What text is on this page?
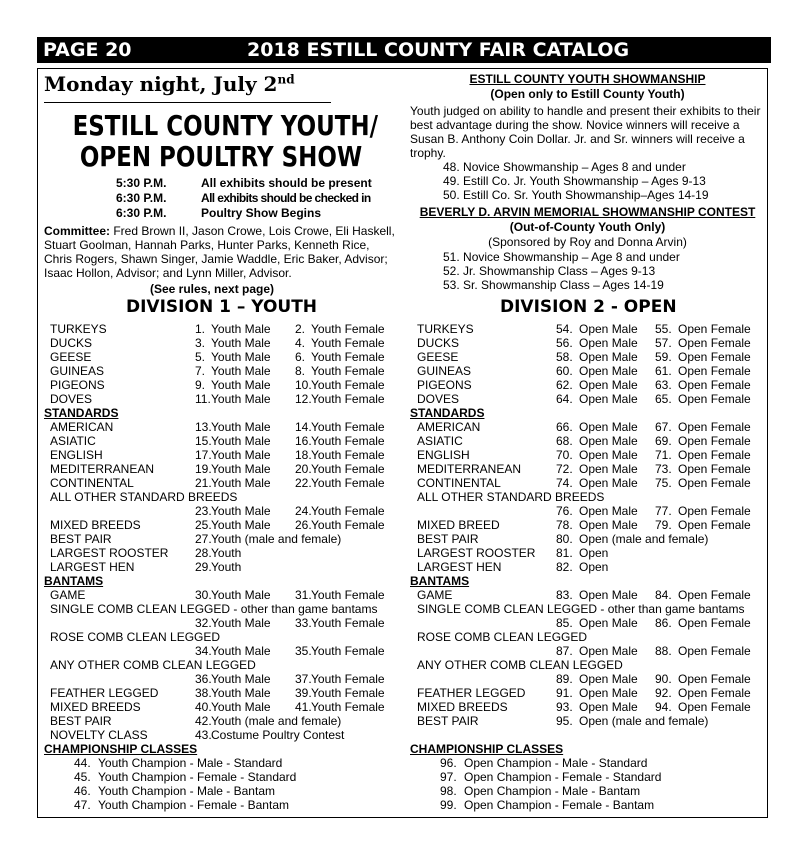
PAGE 20	2018 ESTILL COUNTY FAIR CATALOG
Monday night, July 2nd
ESTILL COUNTY YOUTH/
OPEN POULTRY SHOW
5:30 P.M.	All exhibits should be present
6:30 P.M.	All exhibits should be checked in
6:30 P.M.	Poultry Show Begins
Committee: Fred Brown II, Jason Crowe, Lois Crowe, Eli Haskell, Stuart Goolman, Hannah Parks, Hunter Parks, Kenneth Rice, Chris Rogers, Shawn Singer, Jamie Waddle, Eric Baker, Advisor; Isaac Hollon, Advisor; and Lynn Miller, Advisor.
(See rules, next page)
DIVISION 1 – YOUTH
TURKEYS	1. Youth Male 2. Youth Female
DUCKS	3. Youth Male 4. Youth Female
GEESE	5. Youth Male 6. Youth Female
GUINEAS	7. Youth Male 8. Youth Female
PIGEONS	9. Youth Male 10. Youth Female
DOVES	11. Youth Male 12. Youth Female
STANDARDS
AMERICAN	13. Youth Male 14. Youth Female
ASIATIC	15. Youth Male 16. Youth Female
ENGLISH	17. Youth Male 18. Youth Female
MEDITERRANEAN	19. Youth Male 20. Youth Female
CONTINENTAL	21. Youth Male 22. Youth Female
ALL OTHER STANDARD BREEDS
23. Youth Male 24. Youth Female
MIXED BREEDS	25. Youth Male 26. Youth Female
BEST PAIR	27. Youth (male and female)
LARGEST ROOSTER 28. Youth
LARGEST HEN	29. Youth
BANTAMS
GAME	30. Youth Male 31. Youth Female
SINGLE COMB CLEAN LEGGED - other than game bantams
32. Youth Male 33. Youth Female
ROSE COMB CLEAN LEGGED
34. Youth Male 35. Youth Female
ANY OTHER COMB CLEAN LEGGED
36. Youth Male 37. Youth Female
FEATHER LEGGED	38. Youth Male 39. Youth Female
MIXED BREEDS	40. Youth Male 41. Youth Female
BEST PAIR	42. Youth (male and female)
NOVELTY CLASS	43. Costume Poultry Contest
CHAMPIONSHIP CLASSES
44. Youth Champion - Male - Standard
45. Youth Champion - Female - Standard
46. Youth Champion - Male - Bantam
47. Youth Champion - Female - Bantam
ESTILL COUNTY YOUTH SHOWMANSHIP
(Open only to Estill County Youth)
Youth judged on ability to handle and present their exhibits to their best advantage during the show. Novice winners will receive a Susan B. Anthony Coin Dollar. Jr. and Sr. winners will receive a trophy.
48. Novice Showmanship – Ages 8 and under
49. Estill Co. Jr. Youth Showmanship – Ages 9-13
50. Estill Co. Sr. Youth Showmanship–Ages 14-19
BEVERLY D. ARVIN MEMORIAL SHOWMANSHIP CONTEST
(Out-of-County Youth Only)
(Sponsored by Roy and Donna Arvin)
51. Novice Showmanship – Age 8 and under
52. Jr. Showmanship Class – Ages 9-13
53. Sr. Showmanship Class – Ages 14-19
DIVISION 2 - OPEN
TURKEYS	54. Open Male 55. Open Female
DUCKS	56. Open Male 57. Open Female
GEESE	58. Open Male 59. Open Female
GUINEAS	60. Open Male 61. Open Female
PIGEONS	62. Open Male 63. Open Female
DOVES	64. Open Male 65. Open Female
STANDARDS
AMERICAN	66. Open Male 67. Open Female
ASIATIC	68. Open Male 69. Open Female
ENGLISH	70. Open Male 71. Open Female
MEDITERRANEAN	72. Open Male 73. Open Female
CONTINENTAL	74. Open Male 75. Open Female
ALL OTHER STANDARD BREEDS
76. Open Male 77. Open Female
MIXED BREED	78. Open Male 79. Open Female
BEST PAIR	80. Open (male and female)
LARGEST ROOSTER 81. Open
LARGEST HEN	82. Open
BANTAMS
GAME	83. Open Male 84. Open Female
SINGLE COMB CLEAN LEGGED - other than game bantams
85. Open Male 86. Open Female
ROSE COMB CLEAN LEGGED
87. Open Male 88. Open Female
ANY OTHER COMB CLEAN LEGGED
89. Open Male 90. Open Female
FEATHER LEGGED	91. Open Male 92. Open Female
MIXED BREEDS	93. Open Male 94. Open Female
BEST PAIR	95. Open (male and female)
CHAMPIONSHIP CLASSES
96. Open Champion - Male - Standard
97. Open Champion - Female - Standard
98. Open Champion - Male - Bantam
99. Open Champion - Female - Bantam
